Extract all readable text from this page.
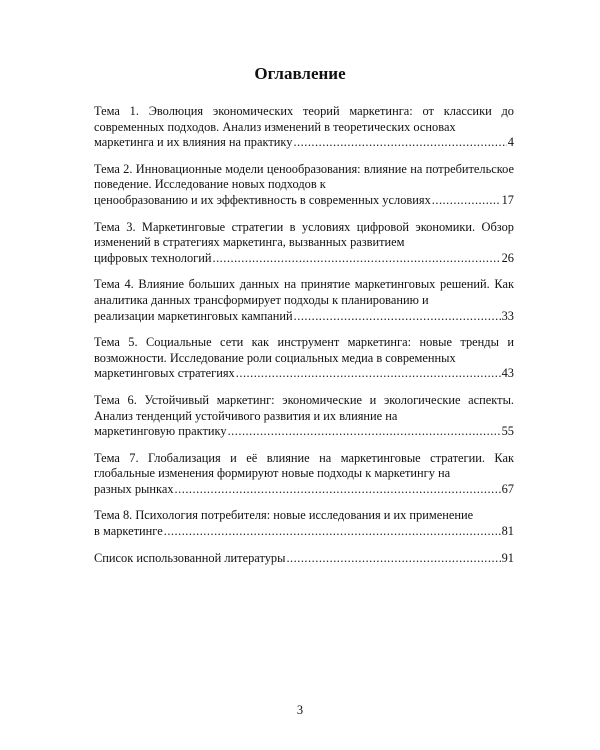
Оглавление
Тема 1. Эволюция экономических теорий маркетинга: от классики до современных подходов. Анализ изменений в теоретических основах
маркетинга и их влияния на практику .....	4
Тема 2. Инновационные модели ценообразования: влияние на потребительское поведение. Исследование новых подходов к
ценообразованию и их эффективность в современных условиях .....	17
Тема 3. Маркетинговые стратегии в условиях цифровой экономики. Обзор изменений в стратегиях маркетинга, вызванных развитием
цифровых технологий .....	26
Тема 4. Влияние больших данных на принятие маркетинговых решений. Как аналитика данных трансформирует подходы к планированию и
реализации маркетинговых кампаний .....	33
Тема 5. Социальные сети как инструмент маркетинга: новые тренды и возможности. Исследование роли социальных медиа в современных
маркетинговых стратегиях .....	43
Тема 6. Устойчивый маркетинг: экономические и экологические аспекты. Анализ тенденций устойчивого развития и их влияние на
маркетинговую практику .....	55
Тема 7. Глобализация и её влияние на маркетинговые стратегии. Как глобальные изменения формируют новые подходы к маркетингу на
разных рынках .....	67
Тема 8. Психология потребителя: новые исследования и их применение
в маркетинге .....	81
Список использованной литературы .....	91
3
